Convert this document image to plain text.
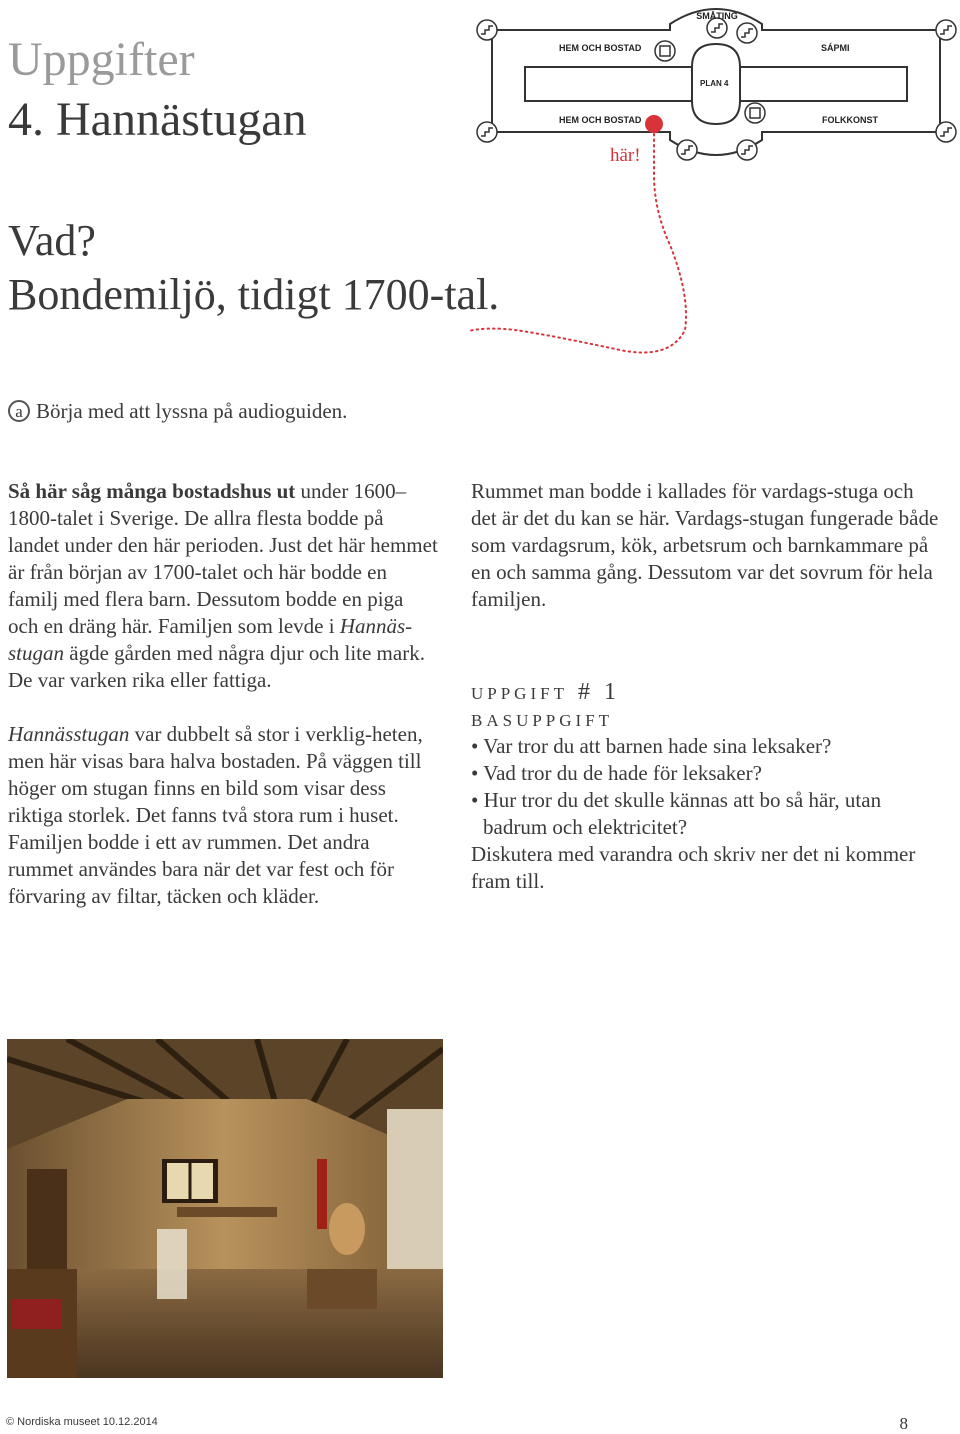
Uppgifter
4. Hannästugan
SMÅTING
HEM OCH BOSTAD	SÁPMI
PLAN 4
HEM OCH BOSTAD	FOLKKONST
här!
Vad?
Bondemiljö, tidigt 1700-tal.
a Börja med att lyssna på audioguiden.

Så här såg många bostadshus ut under 1600–1800-talet i Sverige. De allra flesta bodde på landet under den här perioden. Just det här hemmet är från början av 1700-talet och här bodde en familj med flera barn. Dessutom bodde en piga och en dräng här. Familjen som levde i Hannäs-stugan ägde gården med några djur och lite mark. De var varken rika eller fattiga.

Hannässtugan var dubbelt så stor i verklig-heten, men här visas bara halva bostaden. På väggen till höger om stugan finns en bild som visar dess riktiga storlek. Det fanns två stora rum i huset. Familjen bodde i ett av rummen. Det andra rummet användes bara när det var fest och för förvaring av filtar, täcken och kläder.

Rummet man bodde i kallades för vardags-stuga och det är det du kan se här. Vardags-stugan fungerade både som vardagsrum, kök, arbetsrum och barnkammare på en och samma gång. Dessutom var det sovrum för hela familjen.

uppgift # 1
basuppgift
• Var tror du att barnen hade sina leksaker?
• Vad tror du de hade för leksaker?
• Hur tror du det skulle kännas att bo så här, utan badrum och elektricitet?

Diskutera med varandra och skriv ner det ni kommer fram till.

© Nordiska museet 10.12.2014	8
